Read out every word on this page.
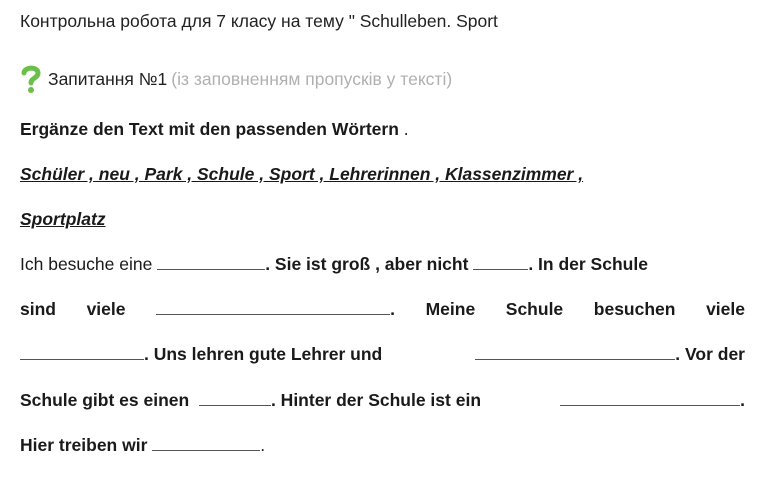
Контрольна робота для 7 класу на тему " Schulleben. Sport
Запитання №1 (із заповненням пропусків у тексті)
Ergänze den Text mit den passenden Wörtern .
Schüler , neu , Park , Schule , Sport , Lehrerinnen , Klassenzimmer ,
Sportplatz
Ich besuche eine
	. Sie ist groß , aber nicht
	. In der Schule
sind viele	. Meine Schule besuchen viele
. Uns lehren gute Lehrer und	. Vor der
Schule gibt es einen
	. Hinter der Schule ist ein	.
Hier treiben wir
	.
